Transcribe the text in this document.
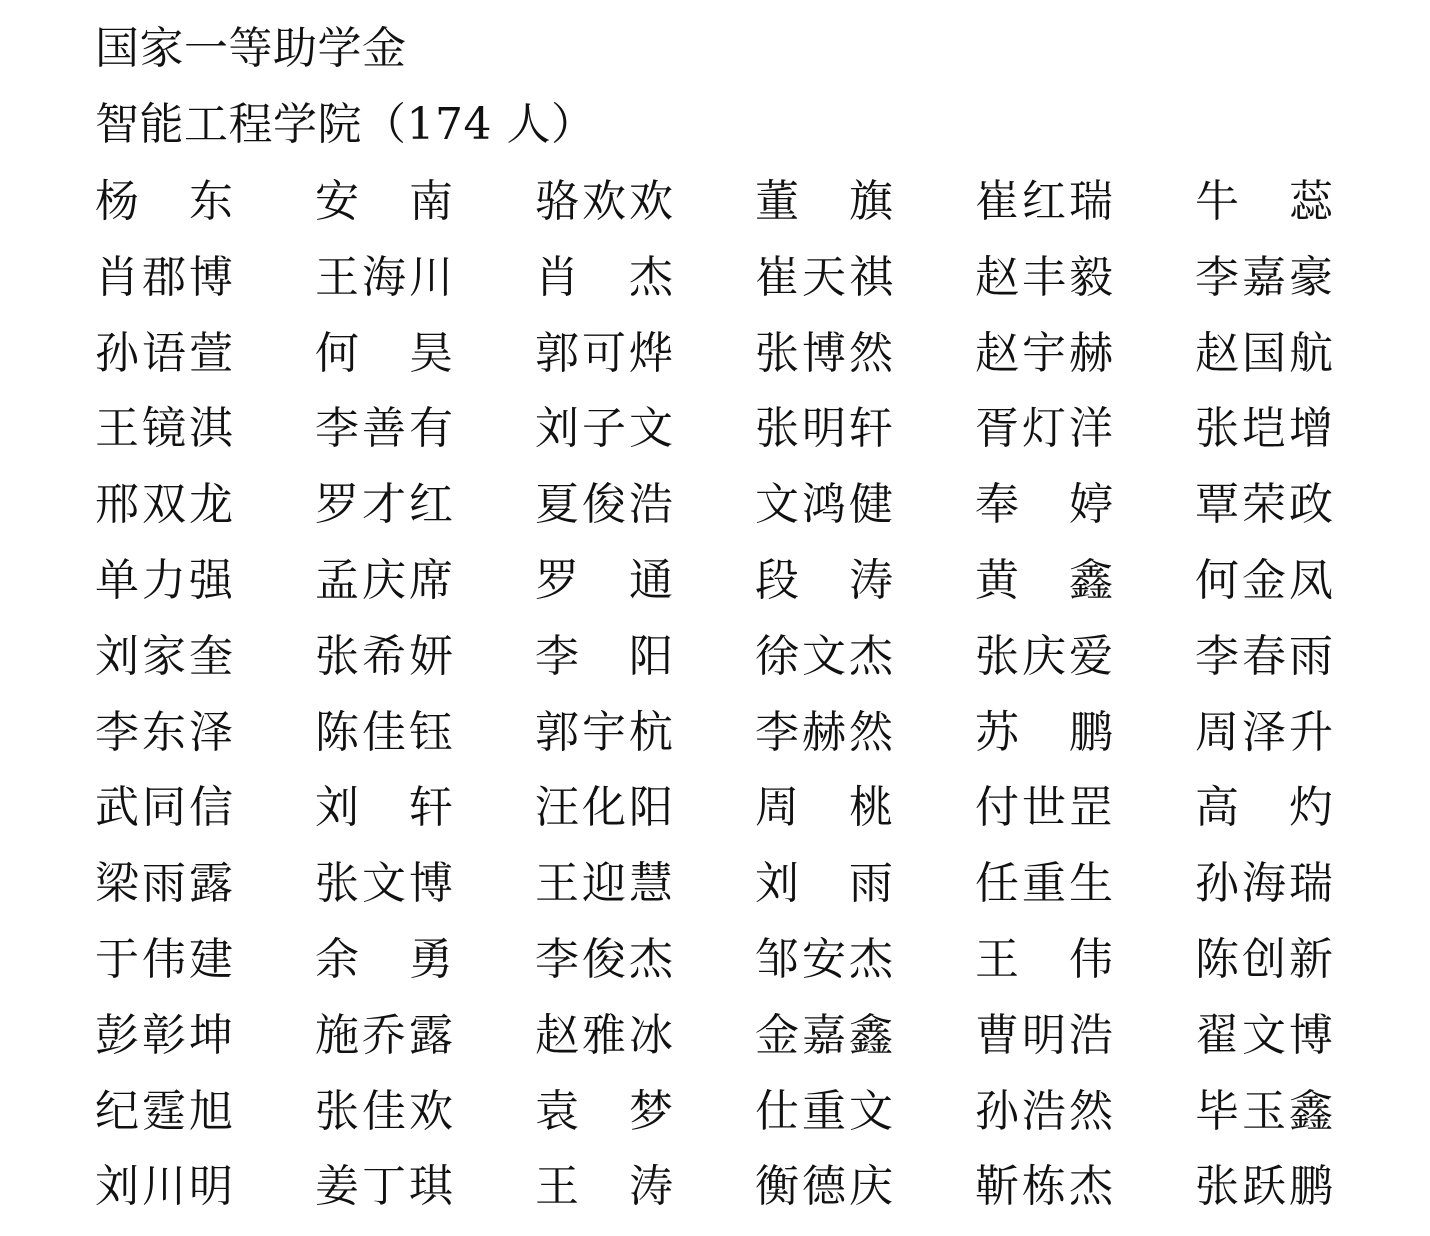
国家一等助学金
智能工程学院（174 人）
杨 东 安 南 骆 欢 欢 董 旗 崔 红 瑞 牛 蕊
肖 郡 博 王 海 川 肖 杰 崔 天 祺 赵 丰 毅 李 嘉 豪
孙 语 萱 何 昊 郭 可 烨 张 博 然 赵 宇 赫 赵 国 航
王 镜 淇 李 善 有 刘 子 文 张 明 轩 胥 灯 洋 张 垲 增
邢 双 龙 罗 才 红 夏 俊 浩 文 鸿 健 奉 婷 覃 荣 政
单 力 强 孟 庆 席 罗 通 段 涛 黄 鑫 何 金 凤
刘 家 奎 张 希 妍 李 阳 徐 文 杰 张 庆 爱 李 春 雨
李 东 泽 陈 佳 钰 郭 宇 杭 李 赫 然 苏 鹏 周 泽 升
武 同 信 刘 轩 汪 化 阳 周 桃 付 世 罡 高 灼
梁 雨 露 张 文 博 王 迎 慧 刘 雨 任 重 生 孙 海 瑞
于 伟 建 余 勇 李 俊 杰 邹 安 杰 王 伟 陈 创 新
彭 彰 坤 施 乔 露 赵 雅 冰 金 嘉 鑫 曹 明 浩 翟 文 博
纪 霆 旭 张 佳 欢 袁 梦 仕 重 文 孙 浩 然 毕 玉 鑫
刘 川 明 姜 丁 琪 王 涛 衡 德 庆 靳 栋 杰 张 跃 鹏
